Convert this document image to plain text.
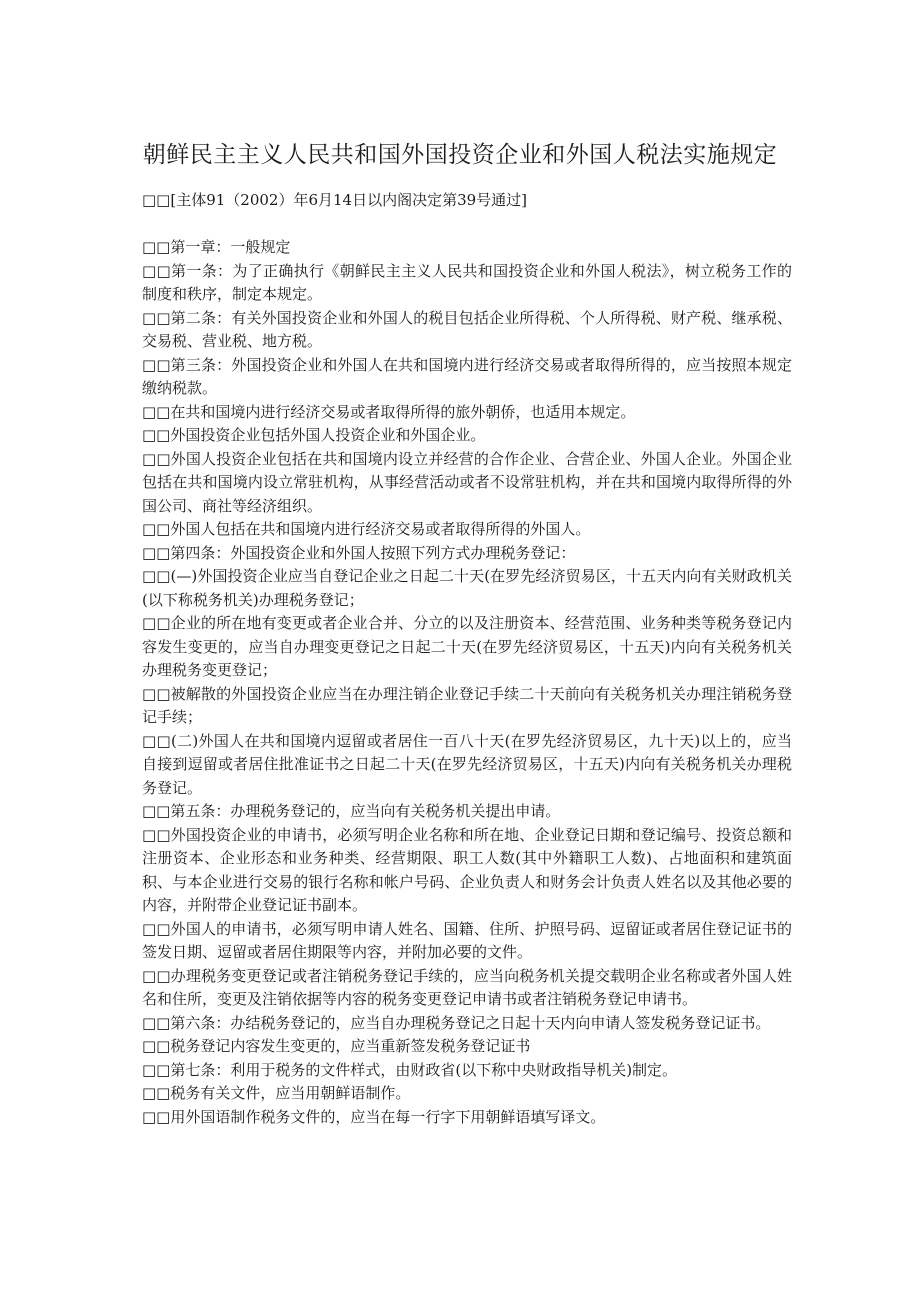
朝鲜民主主义人民共和国外国投资企业和外国人税法实施规定

□□[主体91（2002）年6月14日以内阁决定第39号通过]

□□第一章：一般规定

□□第一条：为了正确执行《朝鲜民主主义人民共和国投资企业和外国人税法》，树立税务工作的制度和秩序，制定本规定。

□□第二条：有关外国投资企业和外国人的税目包括企业所得税、个人所得税、财产税、继承税、交易税、营业税、地方税。

□□第三条：外国投资企业和外国人在共和国境内进行经济交易或者取得所得的，应当按照本规定缴纳税款。

□□在共和国境内进行经济交易或者取得所得的旅外朝侨，也适用本规定。

□□外国投资企业包括外国人投资企业和外国企业。

□□外国人投资企业包括在共和国境内设立并经营的合作企业、合营企业、外国人企业。外国企业包括在共和国境内设立常驻机构，从事经营活动或者不设常驻机构，并在共和国境内取得所得的外国公司、商社等经济组织。

□□外国人包括在共和国境内进行经济交易或者取得所得的外国人。

□□第四条：外国投资企业和外国人按照下列方式办理税务登记：

□□(—)外国投资企业应当自登记企业之日起二十天(在罗先经济贸易区，十五天内向有关财政机关(以下称税务机关)办理税务登记；

□□企业的所在地有变更或者企业合并、分立的以及注册资本、经营范围、业务种类等税务登记内容发生变更的，应当自办理变更登记之日起二十天(在罗先经济贸易区，十五天)内向有关税务机关办理税务变更登记；

□□被解散的外国投资企业应当在办理注销企业登记手续二十天前向有关税务机关办理注销税务登记手续；

□□(二)外国人在共和国境内逗留或者居住一百八十天(在罗先经济贸易区，九十天)以上的，应当自接到逗留或者居住批准证书之日起二十天(在罗先经济贸易区，十五天)内向有关税务机关办理税务登记。

□□第五条：办理税务登记的，应当向有关税务机关提出申请。

□□外国投资企业的申请书，必须写明企业名称和所在地、企业登记日期和登记编号、投资总额和注册资本、企业形态和业务种类、经营期限、职工人数(其中外籍职工人数)、占地面积和建筑面积、与本企业进行交易的银行名称和帐户号码、企业负责人和财务会计负责人姓名以及其他必要的内容，并附带企业登记证书副本。

□□外国人的申请书，必须写明申请人姓名、国籍、住所、护照号码、逗留证或者居住登记证书的签发日期、逗留或者居住期限等内容，并附加必要的文件。

□□办理税务变更登记或者注销税务登记手续的，应当向税务机关提交载明企业名称或者外国人姓名和住所，变更及注销依据等内容的税务变更登记申请书或者注销税务登记申请书。

□□第六条：办结税务登记的，应当自办理税务登记之日起十天内向申请人签发税务登记证书。

□□税务登记内容发生变更的，应当重新签发税务登记证书

□□第七条：利用于税务的文件样式，由财政省(以下称中央财政指导机关)制定。

□□税务有关文件，应当用朝鲜语制作。

□□用外国语制作税务文件的，应当在每一行字下用朝鲜语填写译文。
